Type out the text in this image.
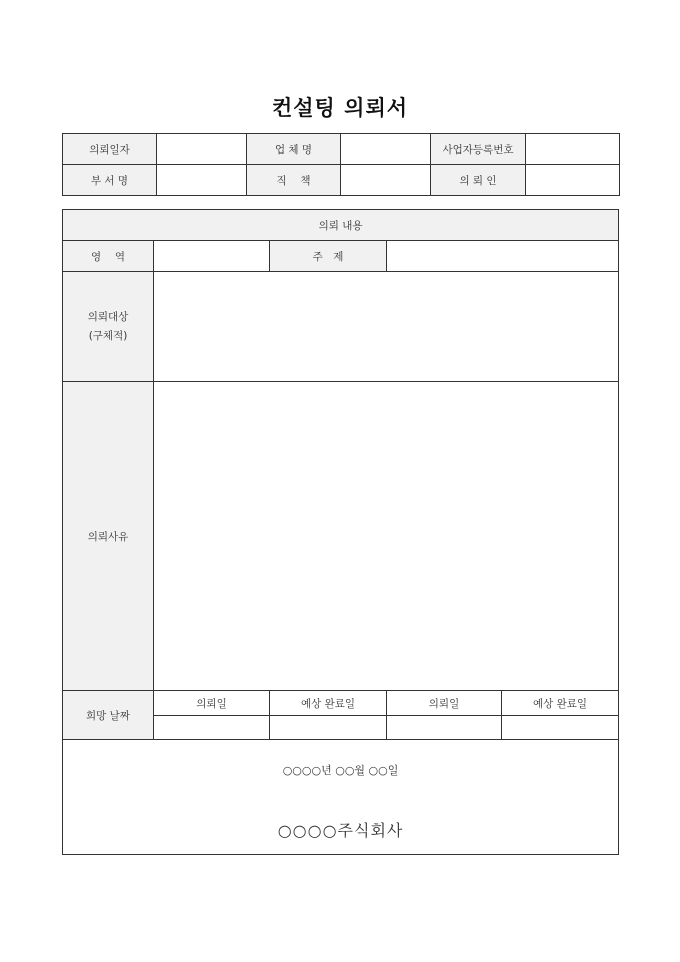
컨설팅 의뢰서
의뢰일자		업 체 명		사업자등록번호	
부 서 명		직　 책		의 뢰 인	
의뢰 내용				
영　 역		주　제		

의뢰대상
(구체적)				

의뢰사유				
희망 날짜	의뢰일	예상 완료일	의뢰일	예상 완료일

○○○○년 ○○월 ○○일
○○○○주식회사				
